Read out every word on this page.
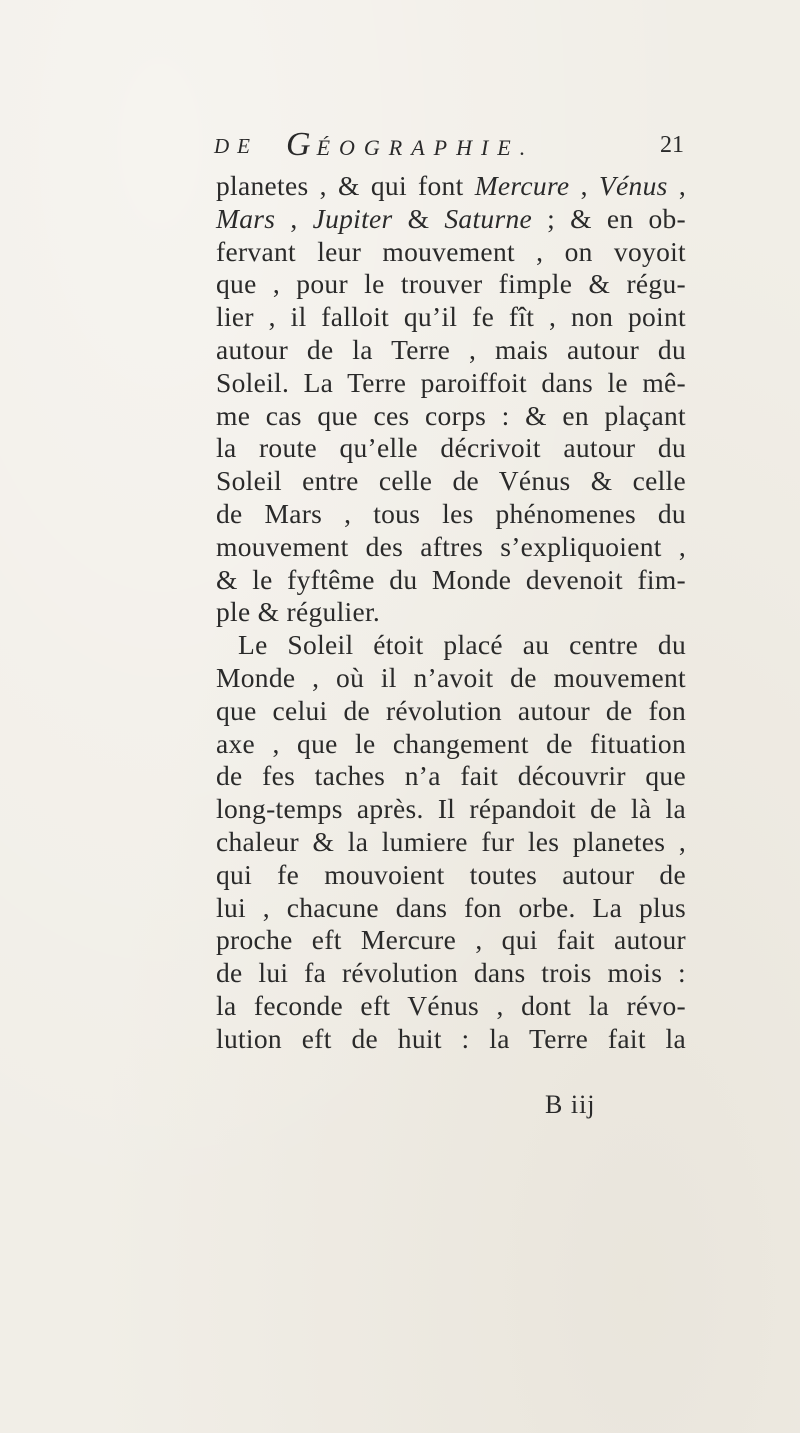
DE GÉOGRAPHIE.	21
planetes , & qui font Mercure , Vénus ,
Mars , Jupiter & Saturne ; & en ob-
fervant leur mouvement , on voyoit
que , pour le trouver fimple & régu-
lier , il falloit qu’il fe fît , non point
autour de la Terre , mais autour du
Soleil. La Terre paroiffoit dans le mê-
me cas que ces corps : & en plaçant
la route qu’elle décrivoit autour du
Soleil entre celle de Vénus & celle
de Mars , tous les phénomenes du
mouvement des aftres s’expliquoient ,
& le fyftême du Monde devenoit fim-
ple & régulier.
Le Soleil étoit placé au centre du
Monde , où il n’avoit de mouvement
que celui de révolution autour de fon
axe , que le changement de fituation
de fes taches n’a fait découvrir que
long-temps après. Il répandoit de là la
chaleur & la lumiere fur les planetes ,
qui fe mouvoient toutes autour de
lui , chacune dans fon orbe. La plus
proche eft Mercure , qui fait autour
de lui fa révolution dans trois mois :
la feconde eft Vénus , dont la révo-
lution eft de huit : la Terre fait la
B iij
